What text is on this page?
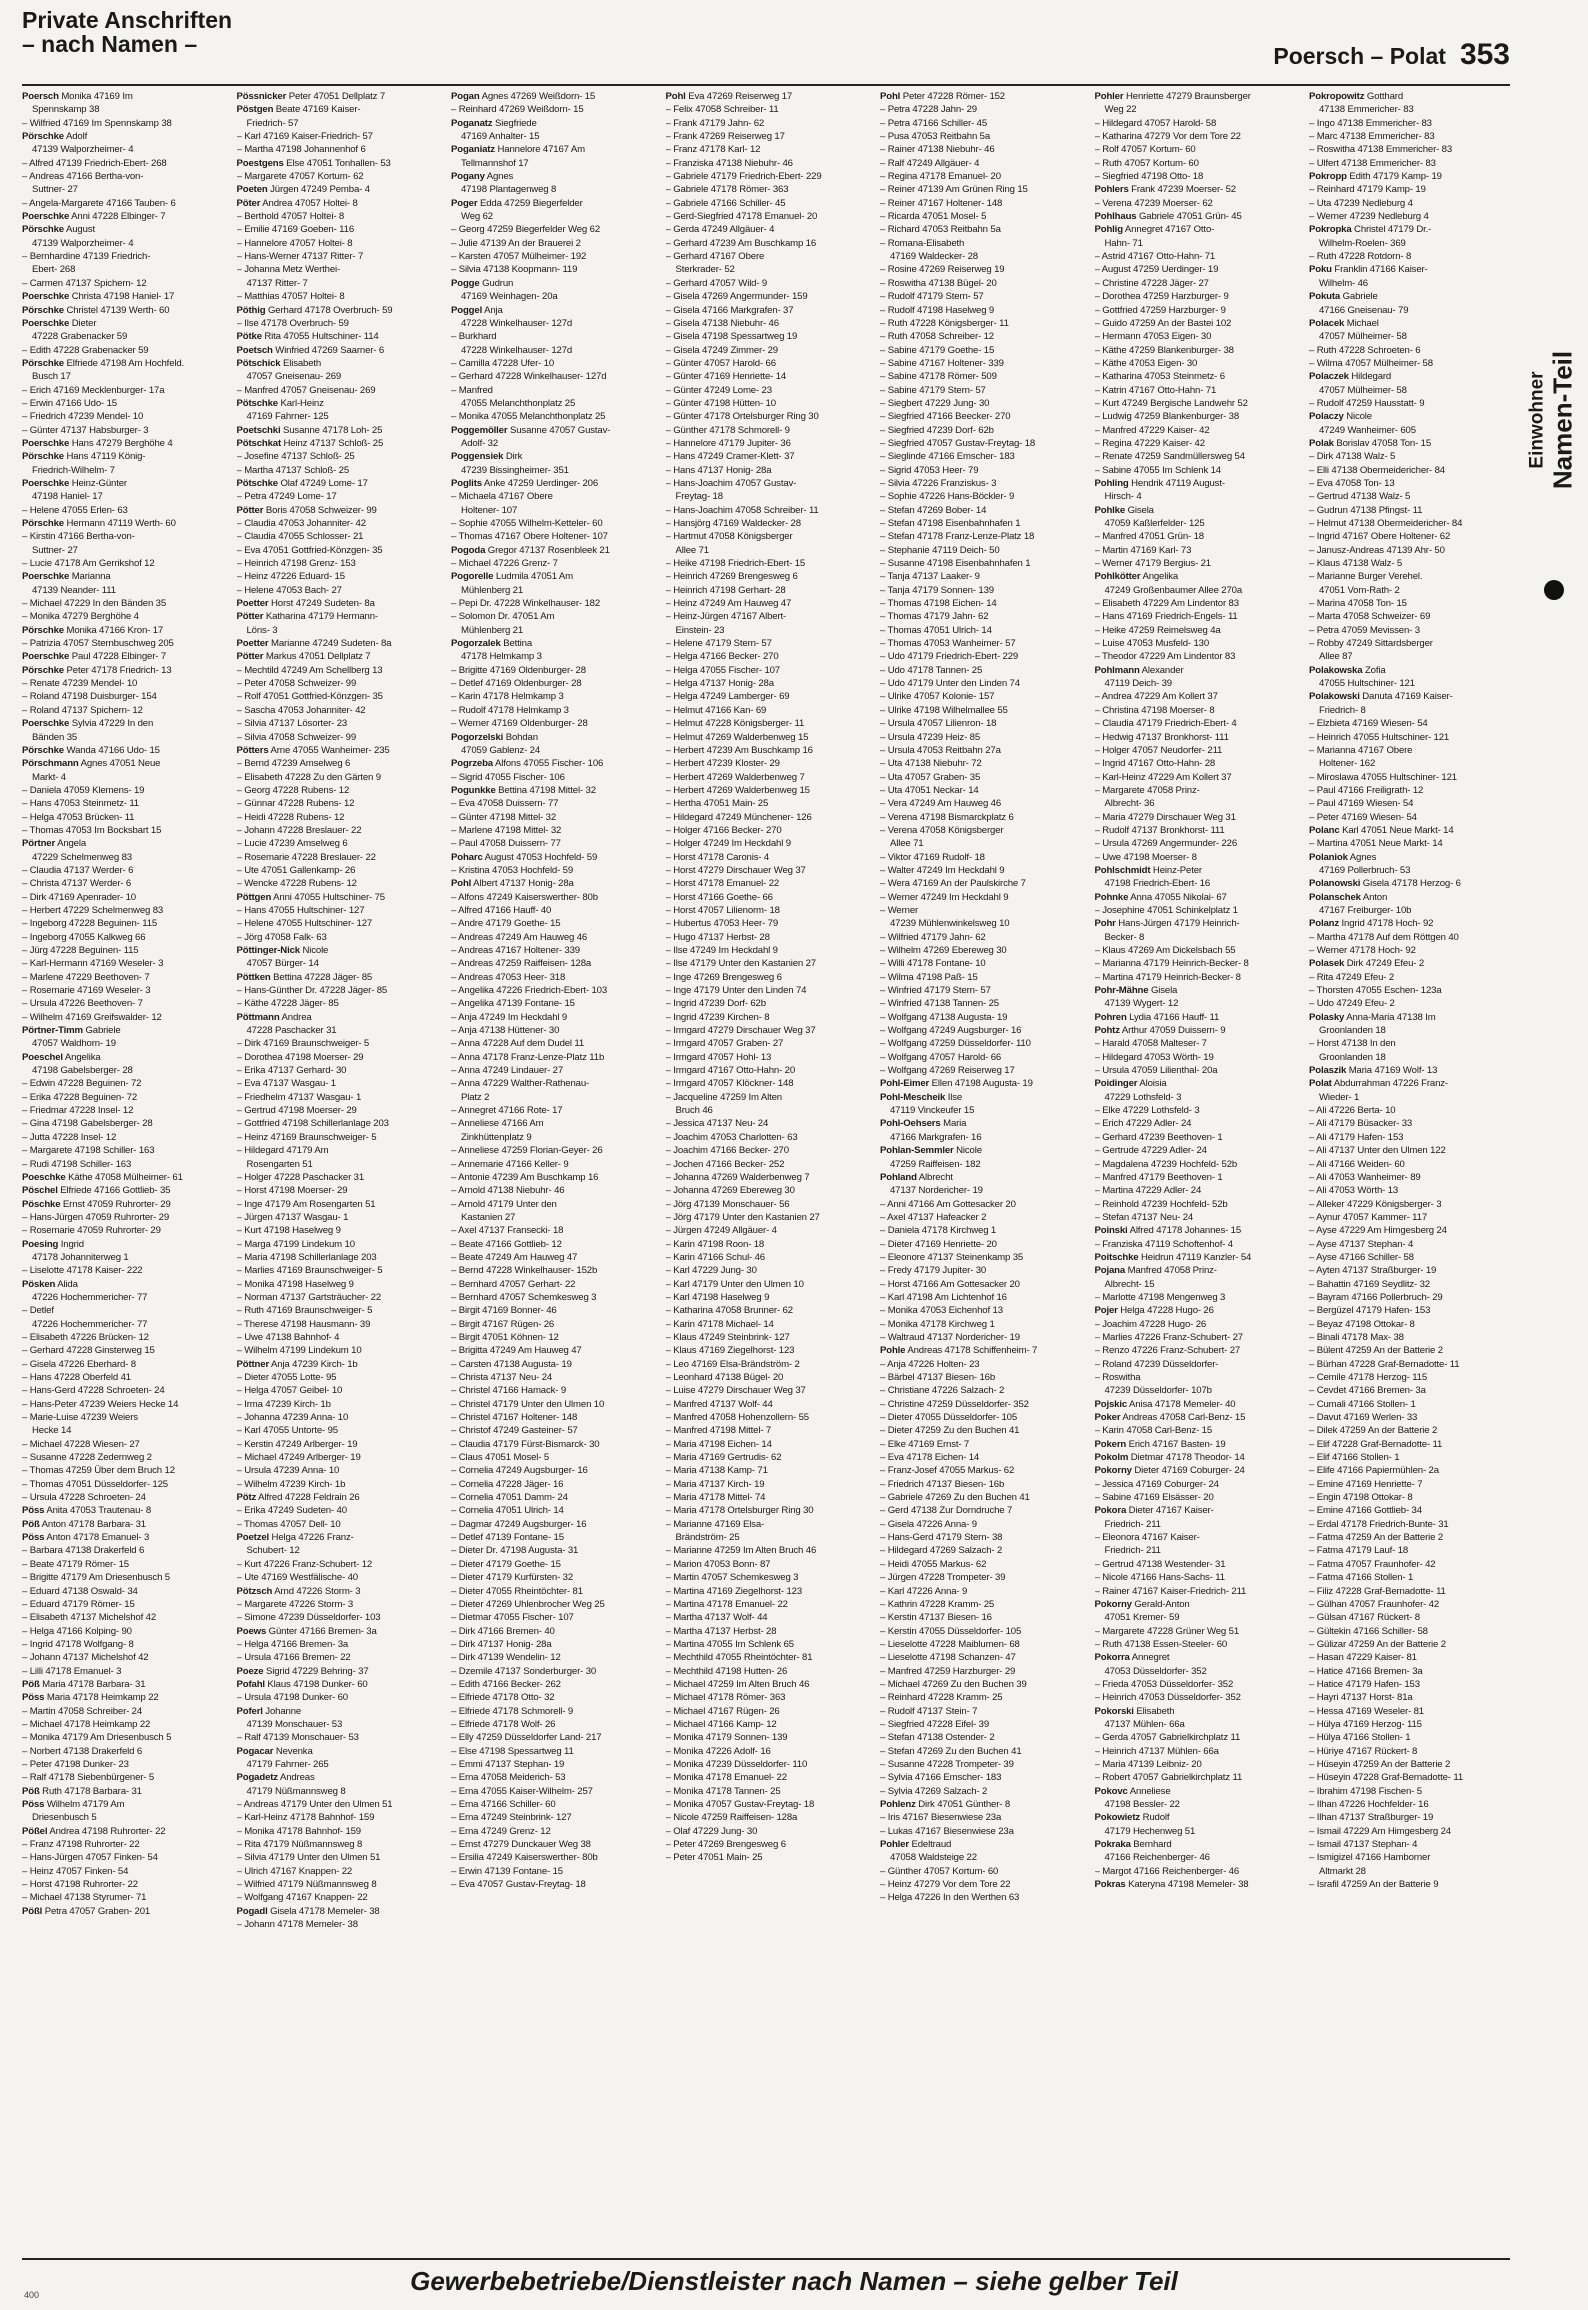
Private Anschriften
– nach Namen –	Poersch – Polat 353
Einwohner Namen-Teil
Poersch Monika 47169 Im
Spennskamp 38
– Wilfried 47169 Im Spennskamp 38
Pörschke Adolf
47139 Walporzheimer- 4
– Alfred 47139 Friedrich-Ebert- 268
– Andreas 47166 Bertha-von-
Suttner- 27
– Angela-Margarete 47166 Tauben- 6
Poerschke Anni 47228 Elbinger- 7
Pörschke August
47139 Walporzheimer- 4
– Bernhardine 47139 Friedrich-
Ebert- 268
– Carmen 47137 Spichern- 12
Poerschke Christa 47198 Haniel- 17
Pörschke Christel 47139 Werth- 60
Poerschke Dieter
47228 Grabenacker 59
– Edith 47228 Grabenacker 59
Pörschke Elfriede 47198 Am Hochfeld.
Busch 17
– Erich 47169 Mecklenburger- 17a
– Erwin 47166 Udo- 15
– Friedrich 47239 Mendel- 10
– Günter 47137 Habsburger- 3
Poerschke Hans 47279 Berghöhe 4
Pörschke Hans 47119 König-
Friedrich-Wilhelm- 7
Poerschke Heinz-Günter
47198 Haniel- 17
– Helene 47055 Erlen- 63
Pörschke Hermann 47119 Werth- 60
– Kirstin 47166 Bertha-von-
Suttner- 27
– Lucie 47178 Am Gerrikshof 12
Poerschke Marianna
47139 Neander- 111
– Michael 47229 In den Bänden 35
– Monika 47279 Berghöhe 4
Pörschke Monika 47166 Kron- 17
– Patrizia 47057 Sternbuschweg 205
Poerschke Paul 47228 Elbinger- 7
Pörschke Peter 47178 Friedrich- 13
– Renate 47239 Mendel- 10
– Roland 47198 Duisburger- 154
– Roland 47137 Spichern- 12
Poerschke Sylvia 47229 In den
Bänden 35
Pörschke Wanda 47166 Udo- 15
Pörschmann Agnes 47051 Neue
Markt- 4
– Daniela 47059 Klemens- 19
– Hans 47053 Steinmetz- 11
– Helga 47053 Brücken- 11
– Thomas 47053 Im Bocksbart 15
Pörtner Angela
47229 Schelmenweg 83
– Claudia 47137 Werder- 6
– Christa 47137 Werder- 6
– Dirk 47169 Apenrader- 10
– Herbert 47229 Schelmenweg 83
– Ingeborg 47228 Beguinen- 115
– Ingeborg 47055 Kalkweg 66
– Jürg 47228 Beguinen- 115
– Karl-Hermann 47169 Weseler- 3
– Marlene 47229 Beethoven- 7
– Rosemarie 47169 Weseler- 3
– Ursula 47226 Beethoven- 7
– Wilhelm 47169 Greifswalder- 12
Pörtner-Timm Gabriele
47057 Waldhorn- 19
Poeschel Angelika
47198 Gabelsberger- 28
– Edwin 47228 Beguinen- 72
– Erika 47228 Beguinen- 72
– Friedmar 47228 Insel- 12
– Gina 47198 Gabelsberger- 28
– Jutta 47228 Insel- 12
– Margarete 47198 Schiller- 163
– Rudi 47198 Schiller- 163
Poeschke Käthe 47058 Mülheimer- 61
Pöschel Elfriede 47166 Gottlieb- 35
Pöschke Ernst 47059 Ruhrorter- 29
– Hans-Jürgen 47059 Ruhrorter- 29
– Rosemarie 47059 Ruhrorter- 29
Poesing Ingrid
47178 Johanniterweg 1
– Liselotte 47178 Kaiser- 222
Pösken Alida
47226 Hochemmericher- 77
– Detlef
47226 Hochemmericher- 77
– Elisabeth 47226 Brücken- 12
– Gerhard 47228 Ginsterweg 15
– Gisela 47226 Eberhard- 8
– Hans 47228 Oberfeld 41
– Hans-Gerd 47228 Schroeten- 24
– Hans-Peter 47239 Weiers Hecke 14
– Marie-Luise 47239 Weiers
Hecke 14
– Michael 47228 Wiesen- 27
– Susanne 47228 Zedernweg 2
– Thomas 47259 Über dem Bruch 12
– Thomas 47051 Düsseldorfer- 125
– Ursula 47228 Schroeten- 24
Pöss Anita 47053 Trautenau- 8
Pöß Anton 47178 Barbara- 31
Pöss Anton 47178 Emanuel- 3
– Barbara 47138 Drakerfeld 6
– Beate 47179 Römer- 15
– Brigitte 47179 Am Driesenbusch 5
– Eduard 47138 Oswald- 34
– Eduard 47179 Römer- 15
– Elisabeth 47137 Michelshof 42
– Helga 47166 Kolping- 90
– Ingrid 47178 Wolfgang- 8
– Johann 47137 Michelshof 42
– Lilli 47178 Emanuel- 3
Pöß Maria 47178 Barbara- 31
Pöss Maria 47178 Heimkamp 22
– Martin 47058 Schreiber- 24
– Michael 47178 Heimkamp 22
– Monika 47179 Am Driesenbusch 5
– Norbert 47138 Drakerfeld 6
– Peter 47198 Dunker- 23
– Ralf 47178 Siebenbürgener- 5
Pöß Ruth 47178 Barbara- 31
Pöss Wilhelm 47179 Am
Driesenbusch 5
Pößel Andrea 47198 Ruhrorter- 22
– Franz 47198 Ruhrorter- 22
– Hans-Jürgen 47057 Finken- 54
– Heinz 47057 Finken- 54
– Horst 47198 Ruhrorter- 22
– Michael 47138 Styrumer- 71
Pößl Petra 47057 Graben- 201
Pössnicker Peter 47051 Dellplatz 7
Pöstgen Beate 47169 Kaiser-
Friedrich- 57
– Karl 47169 Kaiser-Friedrich- 57
– Martha 47198 Johannenhof 6
Poestgens Else 47051 Tonhallen- 53
– Margarete 47057 Kortum- 62
Poeten Jürgen 47249 Pemba- 4
Pöter Andrea 47057 Holtei- 8
– Berthold 47057 Holtei- 8
– Emilie 47169 Goeben- 116
– Hannelore 47057 Holtei- 8
– Hans-Werner 47137 Ritter- 7
– Johanna Metz Werthei-
47137 Ritter- 7
– Matthias 47057 Holtei- 8
Pöthig Gerhard 47178 Overbruch- 59
– Ilse 47178 Overbruch- 59
Pötke Rita 47055 Hultschiner- 114
Poetsch Winfried 47269 Saarner- 6
Pötschick Elisabeth
47057 Gneisenau- 269
– Manfred 47057 Gneisenau- 269
Pötschke Karl-Heinz
47169 Fahrner- 125
Poetschki Susanne 47178 Loh- 25
Pötschkat Heinz 47137 Schloß- 25
– Josefine 47137 Schloß- 25
– Martha 47137 Schloß- 25
Pötschke Olaf 47249 Lome- 17
– Petra 47249 Lome- 17
Pötter Boris 47058 Schweizer- 99
– Claudia 47053 Johanniter- 42
– Claudia 47055 Schlosser- 21
– Eva 47051 Gottfried-Könzgen- 35
– Heinrich 47198 Grenz- 153
– Heinz 47226 Eduard- 15
– Helene 47053 Bach- 27
Poetter Horst 47249 Sudeten- 8a
Pötter Katharina 47179 Hermann-
Löns- 3
Poetter Marianne 47249 Sudeten- 8a
Pötter Markus 47051 Dellplatz 7
– Mechtild 47249 Am Schellberg 13
– Peter 47058 Schweizer- 99
– Rolf 47051 Gottfried-Könzgen- 35
– Sascha 47053 Johanniter- 42
– Silvia 47137 Lösorter- 23
– Silvia 47058 Schweizer- 99
Pötters Arne 47055 Wanheimer- 235
– Bernd 47239 Amselweg 6
– Elisabeth 47228 Zu den Gärten 9
– Georg 47228 Rubens- 12
– Günnar 47228 Rubens- 12
– Heidi 47228 Rubens- 12
– Johann 47228 Breslauer- 22
– Lucie 47239 Amselweg 6
– Rosemarie 47228 Breslauer- 22
– Ute 47051 Gallenkamp- 26
– Wencke 47228 Rubens- 12
Pöttgen Anni 47055 Hultschiner- 75
– Hans 47055 Hultschiner- 127
– Helene 47055 Hultschiner- 127
– Jörg 47058 Falk- 63
Pöttinger-Nick Nicole
47057 Bürger- 14
Pöttken Bettina 47228 Jäger- 85
– Hans-Günther Dr. 47228 Jäger- 85
– Käthe 47228 Jäger- 85
Pöttmann Andrea
47228 Paschacker 31
– Dirk 47169 Braunschweiger- 5
– Dorothea 47198 Moerser- 29
– Erika 47137 Gerhard- 30
– Eva 47137 Wasgau- 1
– Friedhelm 47137 Wasgau- 1
– Gertrud 47198 Moerser- 29
– Gottfried 47198 Schillerlanlage 203
– Heinz 47169 Braunschweiger- 5
– Hildegard 47179 Am
Rosengarten 51
– Holger 47228 Paschacker 31
– Horst 47198 Moerser- 29
– Inge 47179 Am Rosengarten 51
– Jürgen 47137 Wasgau- 1
– Kurt 47198 Haselweg 9
– Marga 47199 Lindekum 10
– Maria 47198 Schillerlanlage 203
– Marlies 47169 Braunschweiger- 5
– Monika 47198 Haselweg 9
– Norman 47137 Gartsträucher- 22
– Ruth 47169 Braunschweiger- 5
– Therese 47198 Hausmann- 39
– Uwe 47138 Bahnhof- 4
– Wilhelm 47199 Lindekum 10
Pöttner Anja 47239 Kirch- 1b
– Dieter 47055 Lotte- 95
– Helga 47057 Geibel- 10
– Irma 47239 Kirch- 1b
– Johanna 47239 Anna- 10
– Karl 47055 Untorte- 95
– Kerstin 47249 Arlberger- 19
– Michael 47249 Arlberger- 19
– Ursula 47239 Anna- 10
– Wilhelm 47239 Kirch- 1b
Pötz Alfred 47228 Feldrain 26
– Erika 47249 Sudeten- 40
– Thomas 47057 Dell- 10
Poetzel Helga 47226 Franz-
Schubert- 12
– Kurt 47226 Franz-Schubert- 12
– Ute 47169 Westfälische- 40
Pötzsch Arnd 47226 Storm- 3
– Margarete 47226 Storm- 3
– Simone 47239 Düsseldorfer- 103
Poews Günter 47166 Bremen- 3a
– Helga 47166 Bremen- 3a
– Ursula 47166 Bremen- 22
Poeze Sigrid 47229 Behring- 37
Pofahl Klaus 47198 Dunker- 60
– Ursula 47198 Dunker- 60
Poferl Johanne
47139 Monschauer- 53
– Ralf 47139 Monschauer- 53
Pogacar Nevenka
47179 Fahrner- 265
Pogadetz Andreas
47179 Nüßmannsweg 8
– Andreas 47179 Unter den Ulmen 51
– Karl-Heinz 47178 Bahnhof- 159
– Monika 47178 Bahnhof- 159
– Rita 47179 Nüßmannsweg 8
– Silvia 47179 Unter den Ulmen 51
– Ulrich 47167 Knappen- 22
– Wilfried 47179 Nüßmannsweg 8
– Wolfgang 47167 Knappen- 22
Pogadl Gisela 47178 Memeler- 38
– Johann 47178 Memeler- 38
Pogan Agnes 47269 Weißdorn- 15
– Reinhard 47269 Weißdorn- 15
Poganatz Siegfriede
47169 Anhalter- 15
Poganiatz Hannelore 47167 Am
Tellmannshof 17
Pogany Agnes
47198 Plantagenweg 8
Poger Edda 47259 Biegerfelder
Weg 62
– Georg 47259 Biegerfelder Weg 62
– Julie 47139 An der Brauerei 2
– Karsten 47057 Mülheimer- 192
– Silvia 47138 Koopmann- 119
Pogge Gudrun
47169 Weinhagen- 20a
Poggel Anja
47228 Winkelhauser- 127d
– Burkhard
47228 Winkelhauser- 127d
– Camilla 47228 Ufer- 10
– Gerhard 47228 Winkelhauser- 127d
– Manfred
47055 Melanchthonplatz 25
– Monika 47055 Melanchthonplatz 25
Poggemöller Susanne 47057 Gustav-
Adolf- 32
Poggensiek Dirk
47239 Bissingheimer- 351
Poglits Anke 47259 Uerdinger- 206
– Michaela 47167 Obere
Holtener- 107
– Sophie 47055 Wilhelm-Ketteler- 60
– Thomas 47167 Obere Holtener- 107
Pogoda Gregor 47137 Rosenbleek 21
– Michael 47226 Grenz- 7
Pogorelle Ludmila 47051 Am
Mühlenberg 21
– Pepi Dr. 47228 Winkelhauser- 182
– Solomon Dr. 47051 Am
Mühlenberg 21
Pogorzalek Bettina
47178 Helmkamp 3
– Brigitte 47169 Oldenburger- 28
– Detlef 47169 Oldenburger- 28
– Karin 47178 Helmkamp 3
– Rudolf 47178 Helmkamp 3
– Werner 47169 Oldenburger- 28
Pogorzelski Bohdan
47059 Gablenz- 24
Pogrzeba Alfons 47055 Fischer- 106
– Sigrid 47055 Fischer- 106
Pogunkke Bettina 47198 Mittel- 32
– Eva 47058 Duissern- 77
– Günter 47198 Mittel- 32
– Marlene 47198 Mittel- 32
– Paul 47058 Duissern- 77
Poharc August 47053 Hochfeld- 59
– Kristina 47053 Hochfeld- 59
Pohl Albert 47137 Honig- 28a
– Alfons 47249 Kaiserswerther- 80b
– Alfred 47166 Hauff- 40
– Andre 47179 Goethe- 15
– Andreas 47249 Am Hauweg 46
– Andreas 47167 Holtener- 339
– Andreas 47259 Raiffeisen- 128a
– Andreas 47053 Heer- 318
– Angelika 47226 Friedrich-Ebert- 103
– Angelika 47139 Fontane- 15
– Anja 47249 Im Heckdahl 9
– Anja 47138 Hüttener- 30
– Anna 47228 Auf dem Dudel 11
– Anna 47178 Franz-Lenze-Platz 11b
– Anna 47249 Lindauer- 27
– Anna 47229 Walther-Rathenau-
Platz 2
– Annegret 47166 Rote- 17
– Anneliese 47166 Am
Zinkhüttenplatz 9
– Anneliese 47259 Florian-Geyer- 26
– Annemarie 47166 Keller- 9
– Antonie 47239 Am Buschkamp 16
– Arnold 47138 Niebuhr- 46
– Arnold 47179 Unter den
Kastanien 27
– Axel 47137 Fransecki- 18
– Beate 47166 Gottlieb- 12
– Beate 47249 Am Hauweg 47
– Bernd 47228 Winkelhauser- 152b
– Bernhard 47057 Gerhart- 22
– Bernhard 47057 Schemkesweg 3
– Birgit 47169 Bonner- 46
– Birgit 47167 Rügen- 26
– Birgit 47051 Köhnen- 12
– Brigitta 47249 Am Hauweg 47
– Carsten 47138 Augusta- 19
– Christa 47137 Neu- 24
– Christel 47166 Hamack- 9
– Christel 47179 Unter den Ulmen 10
– Christel 47167 Holtener- 148
– Christof 47249 Gasteiner- 57
– Claudia 47179 Fürst-Bismarck- 30
– Claus 47051 Mosel- 5
– Cornelia 47249 Augsburger- 16
– Cornelia 47228 Jäger- 16
– Cornelia 47051 Damm- 24
– Cornelia 47051 Ulrich- 14
– Dagmar 47249 Augsburger- 16
– Detlef 47139 Fontane- 15
– Dieter Dr. 47198 Augusta- 31
– Dieter 47179 Goethe- 15
– Dieter 47179 Kurfürsten- 32
– Dieter 47055 Rheintöchter- 81
– Dieter 47269 Uhlenbrocher Weg 25
– Dietmar 47055 Fischer- 107
– Dirk 47166 Bremen- 40
– Dirk 47137 Honig- 28a
– Dirk 47139 Wendelin- 12
– Dzemile 47137 Sonderburger- 30
– Edith 47166 Becker- 262
– Elfriede 47178 Otto- 32
– Elfriede 47178 Schmorell- 9
– Elfriede 47178 Wolf- 26
– Elly 47259 Düsseldorfer Land- 217
– Else 47198 Spessartweg 11
– Emmi 47137 Stephan- 19
– Erna 47058 Meiderich- 53
– Erna 47055 Kaiser-Wilhelm- 257
– Erna 47166 Schiller- 60
– Erna 47249 Steinbrink- 127
– Erna 47249 Grenz- 12
– Ernst 47279 Dunckauer Weg 38
– Ersilia 47249 Kaiserswerther- 80b
– Erwin 47139 Fontane- 15
– Eva 47057 Gustav-Freytag- 18
Pohl Eva 47269 Reiserweg 17
– Felix 47058 Schreiber- 11
– Frank 47179 Jahn- 62
– Frank 47269 Reiserweg 17
– Franz 47178 Karl- 12
– Franziska 47138 Niebuhr- 46
– Gabriele 47179 Friedrich-Ebert- 229
– Gabriele 47178 Römer- 363
– Gabriele 47166 Schiller- 45
– Gerd-Siegfried 47178 Emanuel- 20
– Gerda 47249 Allgäuer- 4
– Gerhard 47239 Am Buschkamp 16
– Gerhard 47167 Obere
Sterkrader- 52
– Gerhard 47057 Wild- 9
– Gisela 47269 Angermunder- 159
– Gisela 47166 Markgrafen- 37
– Gisela 47138 Niebuhr- 46
– Gisela 47198 Spessartweg 19
– Gisela 47249 Zimmer- 29
– Günter 47057 Harold- 66
– Günter 47169 Henriette- 14
– Günter 47249 Lome- 23
– Günter 47198 Hütten- 10
– Günter 47178 Ortelsburger Ring 30
– Günther 47178 Schmorell- 9
– Hannelore 47179 Jupiter- 36
– Hans 47249 Cramer-Klett- 37
– Hans 47137 Honig- 28a
– Hans-Joachim 47057 Gustav-
Freytag- 18
– Hans-Joachim 47058 Schreiber- 11
– Hansjörg 47169 Waldecker- 28
– Hartmut 47058 Königsberger
Allee 71
– Heike 47198 Friedrich-Ebert- 15
– Heinrich 47269 Brengesweg 6
– Heinrich 47198 Gerhart- 28
– Heinz 47249 Am Hauweg 47
– Heinz-Jürgen 47167 Albert-
Einstein- 23
– Helene 47179 Stern- 57
– Helga 47166 Becker- 270
– Helga 47055 Fischer- 107
– Helga 47137 Honig- 28a
– Helga 47249 Lamberger- 69
– Helmut 47166 Kan- 69
– Helmut 47228 Königsberger- 11
– Helmut 47269 Walderbenweg 15
– Herbert 47239 Am Buschkamp 16
– Herbert 47239 Kloster- 29
– Herbert 47269 Walderbenweg 7
– Herbert 47269 Walderbenweg 15
– Hertha 47051 Main- 25
– Hildegard 47249 Münchener- 126
– Holger 47166 Becker- 270
– Holger 47249 Im Heckdahl 9
– Horst 47178 Caronis- 4
– Horst 47279 Dirschauer Weg 37
– Horst 47178 Emanuel- 22
– Horst 47166 Goethe- 66
– Horst 47057 Lilienorm- 18
– Hubertus 47053 Heer- 79
– Hugo 47137 Herbst- 28
– Ilse 47249 Im Heckdahl 9
– Ilse 47179 Unter den Kastanien 27
– Inge 47269 Brengesweg 6
– Inge 47179 Unter den Linden 74
– Ingrid 47239 Dorf- 62b
– Ingrid 47239 Kirchen- 8
– Irmgard 47279 Dirschauer Weg 37
– Irmgard 47057 Graben- 27
– Irmgard 47057 Hohl- 13
– Irmgard 47167 Otto-Hahn- 20
– Irmgard 47057 Klöckner- 148
– Jacqueline 47259 Im Alten
Bruch 46
– Jessica 47137 Neu- 24
– Joachim 47053 Charlotten- 63
– Joachim 47166 Becker- 270
– Jochen 47166 Becker- 252
– Johanna 47269 Walderbenweg 7
– Johanna 47269 Ebereweg 30
– Jörg 47139 Monschauer- 56
– Jörg 47179 Unter den Kastanien 27
– Jürgen 47249 Allgäuer- 4
– Karin 47198 Roon- 18
– Karin 47166 Schul- 46
– Karl 47229 Jung- 30
– Karl 47179 Unter den Ulmen 10
– Karl 47198 Haselweg 9
– Katharina 47058 Brunner- 62
– Karin 47178 Michael- 14
– Klaus 47249 Steinbrink- 127
– Klaus 47169 Ziegelhorst- 123
– Leo 47169 Elsa-Brändström- 2
– Leonhard 47138 Bügel- 20
– Luise 47279 Dirschauer Weg 37
– Manfred 47137 Wolf- 44
– Manfred 47058 Hohenzollern- 55
– Manfred 47198 Mittel- 7
– Maria 47198 Eichen- 14
– Maria 47169 Gertrudis- 62
– Maria 47138 Kamp- 71
– Maria 47137 Kirch- 19
– Maria 47178 Mittel- 74
– Maria 47178 Ortelsburger Ring 30
– Marianne 47169 Elsa-
Brändström- 25
– Marianne 47259 Im Alten Bruch 46
– Marion 47053 Bonn- 87
– Martin 47057 Schemkesweg 3
– Martina 47169 Ziegelhorst- 123
– Martina 47178 Emanuel- 22
– Martha 47137 Wolf- 44
– Martha 47137 Herbst- 28
– Martina 47055 Im Schlenk 65
– Mechthild 47055 Rheintöchter- 81
– Mechthild 47198 Hutten- 26
– Michael 47259 Im Alten Bruch 46
– Michael 47178 Römer- 363
– Michael 47167 Rügen- 26
– Michael 47166 Kamp- 12
– Monika 47179 Sonnen- 139
– Monika 47226 Adolf- 16
– Monika 47239 Düsseldorfer- 110
– Monika 47178 Emanuel- 22
– Monika 47178 Tannen- 25
– Monika 47057 Gustav-Freytag- 18
– Nicole 47259 Raiffeisen- 128a
– Olaf 47229 Jung- 30
– Peter 47269 Brengesweg 6
– Peter 47051 Main- 25
Pohl Peter 47228 Römer- 152
– Petra 47228 Jahn- 29
– Petra 47166 Schiller- 45
– Pusa 47053 Reitbahn 5a
– Rainer 47138 Niebuhr- 46
– Ralf 47249 Allgäuer- 4
– Regina 47178 Emanuel- 20
– Reiner 47139 Am Grünen Ring 15
– Reiner 47167 Holtener- 148
– Ricarda 47051 Mosel- 5
– Richard 47053 Reitbahn 5a
– Romana-Elisabeth
47169 Waldecker- 28
– Rosine 47269 Reiserweg 19
– Roswitha 47138 Bügel- 20
– Rudolf 47179 Stern- 57
– Rudolf 47198 Haselweg 9
– Ruth 47228 Königsberger- 11
– Ruth 47058 Schreiber- 12
– Sabine 47179 Goethe- 15
– Sabine 47167 Holtener- 339
– Sabine 47178 Römer- 509
– Sabine 47179 Stern- 57
– Siegbert 47229 Jung- 30
– Siegfried 47166 Beecker- 270
– Siegfried 47239 Dorf- 62b
– Siegfried 47057 Gustav-Freytag- 18
– Sieglinde 47166 Emscher- 183
– Sigrid 47053 Heer- 79
– Silvia 47226 Franziskus- 3
– Sophie 47226 Hans-Böckler- 9
– Stefan 47269 Bober- 14
– Stefan 47198 Eisenbahnhafen 1
– Stefan 47178 Franz-Lenze-Platz 18
– Stephanie 47119 Deich- 50
– Susanne 47198 Eisenbahnhafen 1
– Tanja 47137 Laaker- 9
– Tanja 47179 Sonnen- 139
– Thomas 47198 Eichen- 14
– Thomas 47179 Jahn- 62
– Thomas 47051 Ulrich- 14
– Thomas 47053 Wanheimer- 57
– Udo 47179 Friedrich-Ebert- 229
– Udo 47178 Tannen- 25
– Udo 47179 Unter den Linden 74
– Ulrike 47057 Kolonie- 157
– Ulrike 47198 Wilhelmallee 55
– Ursula 47057 Lilienron- 18
– Ursula 47239 Heiz- 85
– Ursula 47053 Reitbahn 27a
– Uta 47138 Niebuhr- 72
– Uta 47057 Graben- 35
– Uta 47051 Neckar- 14
– Vera 47249 Am Hauweg 46
– Verena 47198 Bismarckplatz 6
– Verena 47058 Königsberger
Allee 71
– Viktor 47169 Rudolf- 18
– Walter 47249 Im Heckdahl 9
– Wera 47169 An der Paulskirche 7
– Werner 47249 Im Heckdahl 9
– Werner
47239 Mühlenwinkelsweg 10
– Wilfried 47179 Jahn- 62
– Wilhelm 47269 Ebereweg 30
– Willi 47178 Fontane- 10
– Wilma 47198 Paß- 15
– Winfried 47179 Stern- 57
– Winfried 47138 Tannen- 25
– Wolfgang 47138 Augusta- 19
– Wolfgang 47249 Augsburger- 16
– Wolfgang 47259 Düsseldorfer- 110
– Wolfgang 47057 Harold- 66
– Wolfgang 47269 Reiserweg 17
Pohl-Eimer Ellen 47198 Augusta- 19
Pohl-Mescheik Ilse
47119 Vinckeufer 15
Pohl-Oehsers Maria
47166 Markgrafen- 16
Pohlan-Semmler Nicole
47259 Raiffeisen- 182
Pohland Albrecht
47137 Nordericher- 19
– Anni 47166 Am Gottesacker 20
– Axel 47137 Hafeacker 2
– Daniela 47178 Kirchweg 1
– Dieter 47169 Henriette- 20
– Eleonore 47137 Steinenkamp 35
– Fredy 47179 Jupiter- 30
– Horst 47166 Am Gottesacker 20
– Karl 47198 Am Lichtenhof 16
– Monika 47053 Eichenhof 13
– Monika 47178 Kirchweg 1
– Waltraud 47137 Nordericher- 19
Pohle Andreas 47178 Schiffenheim- 7
– Anja 47226 Holten- 23
– Bärbel 47137 Biesen- 16b
– Christiane 47226 Salzach- 2
– Christine 47259 Düsseldorfer- 352
– Dieter 47055 Düsseldorfer- 105
– Dieter 47259 Zu den Buchen 41
– Elke 47169 Ernst- 7
– Eva 47178 Eichen- 14
– Franz-Josef 47055 Markus- 62
– Friedrich 47137 Biesen- 16b
– Gabriele 47269 Zu den Buchen 41
– Gerd 47138 Zur Dorndruche 7
– Gisela 47226 Anna- 9
– Hans-Gerd 47179 Stern- 38
– Hildegard 47269 Salzach- 2
– Heidi 47055 Markus- 62
– Jürgen 47228 Trompeter- 39
– Karl 47226 Anna- 9
– Kathrin 47228 Kramm- 25
– Kerstin 47137 Biesen- 16
– Kerstin 47055 Düsseldorfer- 105
– Lieselotte 47228 Maiblumen- 68
– Lieselotte 47198 Schanzen- 47
– Manfred 47259 Harzburger- 29
– Michael 47269 Zu den Buchen 39
– Reinhard 47228 Kramm- 25
– Rudolf 47137 Stein- 7
– Siegfried 47228 Eifel- 39
– Stefan 47138 Ostender- 2
– Stefan 47269 Zu den Buchen 41
– Susanne 47228 Trompeter- 39
– Sylvia 47166 Emscher- 183
– Sylvia 47269 Salzach- 2
Pohlenz Dirk 47051 Günther- 8
– Iris 47167 Biesenwiese 23a
– Lukas 47167 Biesenwiese 23a
Pohler Edeltraud
47058 Waldsteige 22
– Günther 47057 Kortum- 60
– Heinz 47279 Vor dem Tore 22
– Helga 47226 In den Werthen 63
Pohler Henriette 47279 Braunsberger
Weg 22
– Hildegard 47057 Harold- 58
– Katharina 47279 Vor dem Tore 22
– Rolf 47057 Kortum- 60
– Ruth 47057 Kortum- 60
– Siegfried 47198 Otto- 18
Pohlers Frank 47239 Moerser- 52
– Verena 47239 Moerser- 62
Pohlhaus Gabriele 47051 Grün- 45
Pohlig Annegret 47167 Otto-
Hahn- 71
– Astrid 47167 Otto-Hahn- 71
– August 47259 Uerdinger- 19
– Christine 47228 Jäger- 27
– Dorothea 47259 Harzburger- 9
– Gottfried 47259 Harzburger- 9
– Guido 47259 An der Bastei 102
– Hermann 47053 Eigen- 30
– Käthe 47259 Blankenburger- 38
– Käthe 47053 Eigen- 30
– Katharina 47053 Steinmetz- 6
– Katrin 47167 Otto-Hahn- 71
– Kurt 47249 Bergische Landwehr 52
– Ludwig 47259 Blankenburger- 38
– Manfred 47229 Kaiser- 42
– Regina 47229 Kaiser- 42
– Renate 47259 Sandmüllersweg 54
– Sabine 47055 Im Schlenk 14
Pohling Hendrik 47119 August-
Hirsch- 4
Pohlke Gisela
47059 Kaßlerfelder- 125
– Manfred 47051 Grün- 18
– Martin 47169 Karl- 73
– Werner 47179 Bergius- 21
Pohlkötter Angelika
47249 Großenbaumer Allee 270a
– Elisabeth 47229 Am Lindentor 83
– Hans 47169 Friedrich-Engels- 11
– Heike 47259 Reimelsweg 4a
– Luise 47053 Musfeld- 130
– Theodor 47229 Am Lindentor 83
Pohlmann Alexander
47119 Deich- 39
– Andrea 47229 Am Kollert 37
– Christina 47198 Moerser- 8
– Claudia 47179 Friedrich-Ebert- 4
– Hedwig 47137 Bronkhorst- 111
– Holger 47057 Neudorfer- 211
– Ingrid 47167 Otto-Hahn- 28
– Karl-Heinz 47229 Am Kollert 37
– Margarete 47058 Prinz-
Albrecht- 36
– Maria 47279 Dirschauer Weg 31
– Rudolf 47137 Bronkhorst- 111
– Ursula 47269 Angermunder- 226
– Uwe 47198 Moerser- 8
Pohlschmidt Heinz-Peter
47198 Friedrich-Ebert- 16
Pohnke Anna 47055 Nikolai- 67
– Josephine 47051 Schinkelplatz 1
Pohr Hans-Jürgen 47179 Heinrich-
Becker- 8
– Klaus 47269 Am Dickelsbach 55
– Marianna 47179 Heinrich-Becker- 8
– Martina 47179 Heinrich-Becker- 8
Pohr-Mähne Gisela
47139 Wygert- 12
Pohren Lydia 47166 Hauff- 11
Pohtz Arthur 47059 Duissern- 9
– Harald 47058 Malteser- 7
– Hildegard 47053 Wörth- 19
– Ursula 47059 Lilienthal- 20a
Poidinger Aloisia
47229 Lothsfeld- 3
– Elke 47229 Lothsfeld- 3
– Erich 47229 Adler- 24
– Gerhard 47239 Beethoven- 1
– Gertrude 47229 Adler- 24
– Magdalena 47239 Hochfeld- 52b
– Manfred 47179 Beethoven- 1
– Martina 47229 Adler- 24
– Reinhold 47239 Hochfeld- 52b
– Stefan 47137 Neu- 24
Poinski Alfred 47178 Johannes- 15
– Franziska 47119 Schoftenhof- 4
Poitschke Heidrun 47119 Kanzler- 54
Pojana Manfred 47058 Prinz-
Albrecht- 15
– Marlotte 47198 Mengenweg 3
Pojer Helga 47228 Hugo- 26
– Joachim 47228 Hugo- 26
– Marlies 47226 Franz-Schubert- 27
– Renzo 47226 Franz-Schubert- 27
– Roland 47239 Düsseldorfer-
– Roswitha
47239 Düsseldorfer- 107b
Pojskic Anisa 47178 Memeler- 40
Poker Andreas 47058 Carl-Benz- 15
– Karin 47058 Carl-Benz- 15
Pokern Erich 47167 Basten- 19
Pokolm Dietmar 47178 Theodor- 14
Pokorny Dieter 47169 Coburger- 24
– Jessica 47169 Coburger- 24
– Sabine 47169 Elsässer- 20
Pokora Dieter 47167 Kaiser-
Friedrich- 211
– Eleonora 47167 Kaiser-
Friedrich- 211
– Gertrud 47138 Westender- 31
– Nicole 47166 Hans-Sachs- 11
– Rainer 47167 Kaiser-Friedrich- 211
Pokorny Gerald-Anton
47051 Kremer- 59
– Margarete 47228 Grüner Weg 51
– Ruth 47138 Essen-Steeler- 60
Pokorra Annegret
47053 Düsseldorfer- 352
– Frieda 47053 Düsseldorfer- 352
– Heinrich 47053 Düsseldorfer- 352
Pokorski Elisabeth
47137 Mühlen- 66a
– Gerda 47057 Gabrielkirchplatz 11
– Heinrich 47137 Mühlen- 66a
– Maria 47139 Leibniz- 20
– Robert 47057 Gabrielkirchplatz 11
Pokovc Anneliese
47198 Bessler- 22
Pokowietz Rudolf
47179 Hechenweg 51
Pokraka Bernhard
47166 Reichenberger- 46
– Margot 47166 Reichenberger- 46
Pokras Kateryna 47198 Memeler- 38
Pokropowitz Gotthard
47138 Emmericher- 83
– Ingo 47138 Emmericher- 83
– Marc 47138 Emmericher- 83
– Roswitha 47138 Emmericher- 83
– Ulfert 47138 Emmericher- 83
Pokropp Edith 47179 Kamp- 19
– Reinhard 47179 Kamp- 19
– Uta 47239 Nedleburg 4
– Werner 47239 Nedleburg 4
Pokropka Christel 47179 Dr.-
Wilhelm-Roelen- 369
– Ruth 47228 Rotdorn- 8
Poku Franklin 47166 Kaiser-
Wilhelm- 46
Pokuta Gabriele
47166 Gneisenau- 79
Polacek Michael
47057 Mülheimer- 58
– Ruth 47228 Schroeten- 6
– Wilma 47057 Mülheimer- 58
Polaczek Hildegard
47057 Mülheimer- 58
– Rudolf 47259 Hausstatt- 9
Polaczy Nicole
47249 Wanheimer- 605
Polak Borislav 47058 Ton- 15
– Dirk 47138 Walz- 5
– Elli 47138 Obermeidericher- 84
– Eva 47058 Ton- 13
– Gertrud 47138 Walz- 5
– Gudrun 47138 Pfingst- 11
– Helmut 47138 Obermeidericher- 84
– Ingrid 47167 Obere Holtener- 62
– Janusz-Andreas 47139 Ahr- 50
– Klaus 47138 Walz- 5
– Marianne Burger Verehel.
47051 Vom-Rath- 2
– Marina 47058 Ton- 15
– Marta 47058 Schweizer- 69
– Petra 47059 Mevissen- 3
– Robby 47249 Sittardsberger
Allee 87
Polakowska Zofia
47055 Hultschiner- 121
Polakowski Danuta 47169 Kaiser-
Friedrich- 8
– Elzbieta 47169 Wiesen- 54
– Heinrich 47055 Hultschiner- 121
– Marianna 47167 Obere
Holtener- 162
– Miroslawa 47055 Hultschiner- 121
– Paul 47166 Freiligrath- 12
– Paul 47169 Wiesen- 54
– Peter 47169 Wiesen- 54
Polanc Karl 47051 Neue Markt- 14
– Martina 47051 Neue Markt- 14
Polaniok Agnes
47169 Pollerbruch- 53
Polanowski Gisela 47178 Herzog- 6
Polanschek Anton
47167 Freiburger- 10b
Polanz Ingrid 47178 Hoch- 92
– Martha 47178 Auf dem Röttgen 40
– Werner 47178 Hoch- 92
Polasek Dirk 47249 Efeu- 2
– Rita 47249 Efeu- 2
– Thorsten 47055 Eschen- 123a
– Udo 47249 Efeu- 2
Polasky Anna-Maria 47138 Im
Groonlanden 18
– Horst 47138 In den
Groonlanden 18
Polaszik Maria 47169 Wolf- 13
Polat Abdurrahman 47226 Franz-
Wieder- 1
– Ali 47226 Berta- 10
– Ali 47179 Büsacker- 33
– Ali 47179 Hafen- 153
– Ali 47137 Unter den Ulmen 122
– Ali 47166 Weiden- 60
– Ali 47053 Wanheimer- 89
– Ali 47053 Wörth- 13
– Alleker 47229 Königsberger- 3
– Aynur 47057 Kammer- 117
– Ayse 47229 Am Himgesberg 24
– Ayse 47137 Stephan- 4
– Ayse 47166 Schiller- 58
– Ayten 47137 Straßburger- 19
– Bahattin 47169 Seydlitz- 32
– Bayram 47166 Pollerbruch- 29
– Bergüzel 47179 Hafen- 153
– Beyaz 47198 Ottokar- 8
– Binali 47178 Max- 38
– Bülent 47259 An der Batterie 2
– Bürhan 47228 Graf-Bernadotte- 11
– Cemile 47178 Herzog- 115
– Cevdet 47166 Bremen- 3a
– Cumali 47166 Stollen- 1
– Davut 47169 Werlen- 33
– Dilek 47259 An der Batterie 2
– Elif 47228 Graf-Bernadotte- 11
– Elif 47166 Stollen- 1
– Elife 47166 Papiermühlen- 2a
– Emine 47169 Henriette- 7
– Engin 47198 Ottokar- 8
– Emine 47166 Gottlieb- 34
– Erdal 47178 Friedrich-Bunte- 31
– Fatma 47259 An der Batterie 2
– Fatma 47179 Lauf- 18
– Fatma 47057 Fraunhofer- 42
– Fatma 47166 Stollen- 1
– Filiz 47228 Graf-Bernadotte- 11
– Gülhan 47057 Fraunhofer- 42
– Gülsan 47167 Rückert- 8
– Gültekin 47166 Schiller- 58
– Gülizar 47259 An der Batterie 2
– Hasan 47229 Kaiser- 81
– Hatice 47166 Bremen- 3a
– Hatice 47179 Hafen- 153
– Hayri 47137 Horst- 81a
– Hessa 47169 Weseler- 81
– Hülya 47169 Herzog- 115
– Hülya 47166 Stollen- 1
– Hüriye 47167 Rückert- 8
– Hüseyin 47259 An der Batterie 2
– Hüseyin 47228 Graf-Bernadotte- 11
– Ibrahim 47198 Fischen- 5
– Ilhan 47226 Hochfelder- 16
– Ilhan 47137 Straßburger- 19
– Ismail 47229 Am Himgesberg 24
– Ismail 47137 Stephan- 4
– Ismigizel 47166 Hamborner
Altmarkt 28
– Israfil 47259 An der Batterie 9
Gewerbebetriebe/Dienstleister nach Namen – siehe gelber Teil
400
